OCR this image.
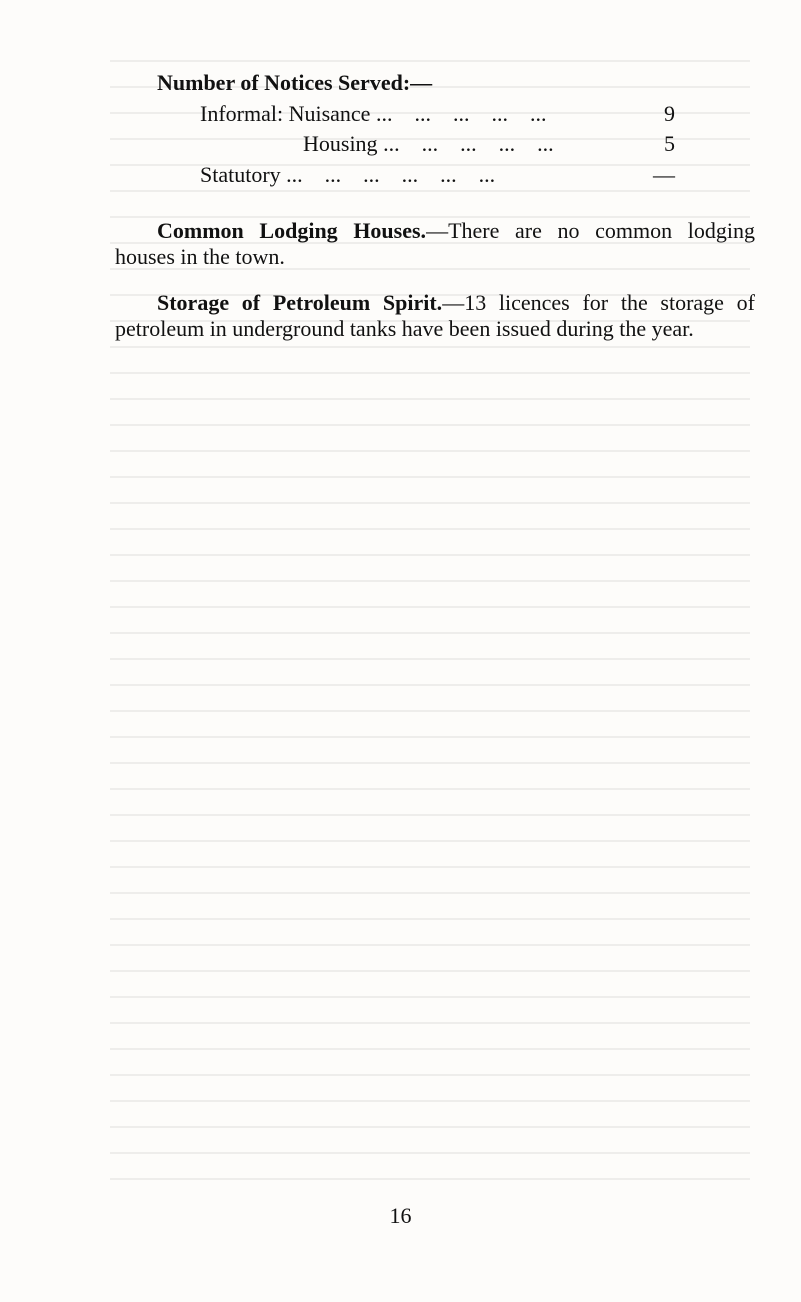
Number of Notices Served:—
Informal: Nuisance ...    ...    ...    ...    ...	9
Housing ...    ...    ...    ...    ...	5
Statutory ...    ...    ...    ...    ...    ...	—
Common Lodging Houses.—There are no common lodging houses in the town.
Storage of Petroleum Spirit.—13 licences for the storage of petroleum in underground tanks have been issued during the year.
16
